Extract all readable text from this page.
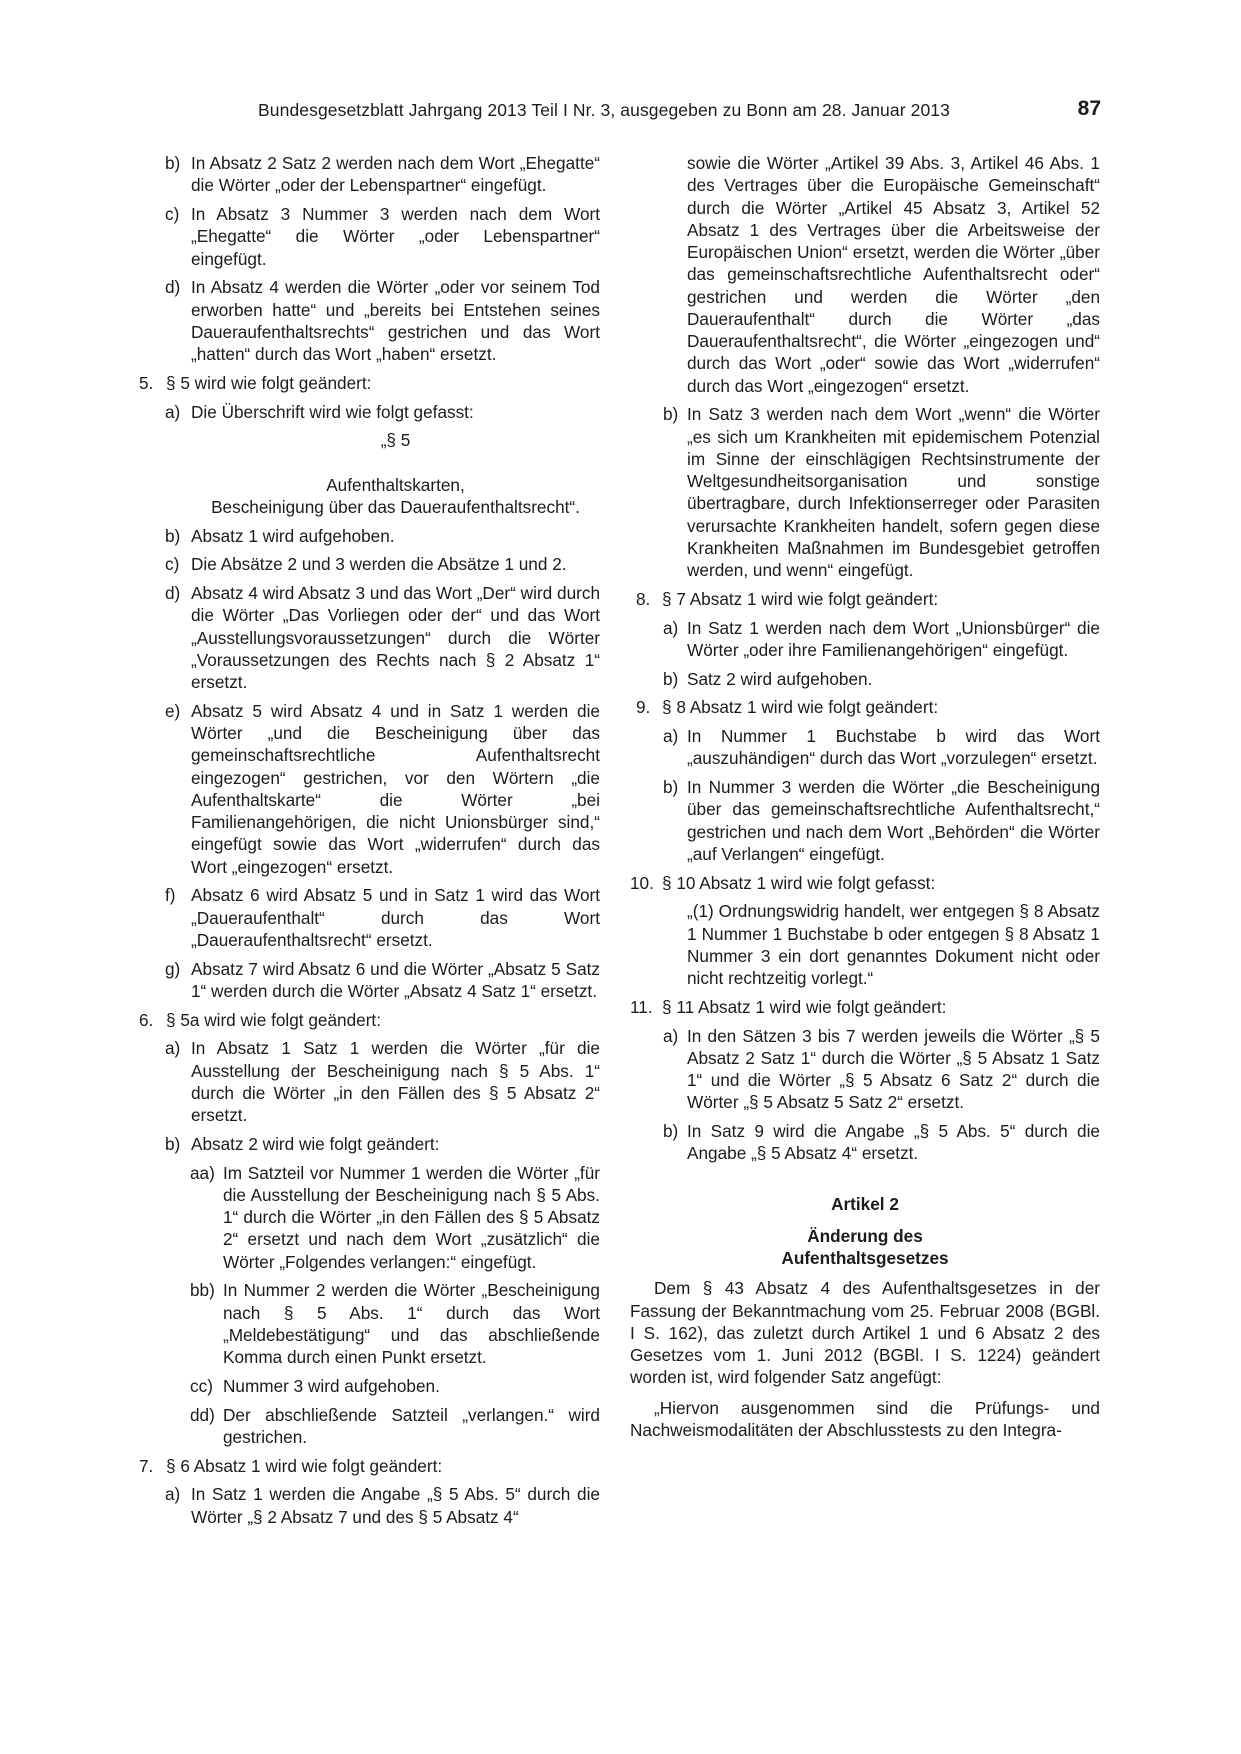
Bundesgesetzblatt Jahrgang 2013 Teil I Nr. 3, ausgegeben zu Bonn am 28. Januar 2013	87
b) In Absatz 2 Satz 2 werden nach dem Wort „Ehegatte“ die Wörter „oder der Lebenspartner“ eingefügt.
c) In Absatz 3 Nummer 3 werden nach dem Wort „Ehegatte“ die Wörter „oder Lebenspartner“ eingefügt.
d) In Absatz 4 werden die Wörter „oder vor seinem Tod erworben hatte“ und „bereits bei Entstehen seines Daueraufenthaltsrechts“ gestrichen und das Wort „hatten“ durch das Wort „haben“ ersetzt.
5. § 5 wird wie folgt geändert:
a) Die Überschrift wird wie folgt gefasst:
„§ 5
Aufenthaltskarten,
Bescheinigung über das Daueraufenthaltsrecht“.
b) Absatz 1 wird aufgehoben.
c) Die Absätze 2 und 3 werden die Absätze 1 und 2.
d) Absatz 4 wird Absatz 3 und das Wort „Der“ wird durch die Wörter „Das Vorliegen oder der“ und das Wort „Ausstellungsvoraussetzungen“ durch die Wörter „Voraussetzungen des Rechts nach § 2 Absatz 1“ ersetzt.
e) Absatz 5 wird Absatz 4 und in Satz 1 werden die Wörter „und die Bescheinigung über das gemeinschaftsrechtliche Aufenthaltsrecht eingezogen“ gestrichen, vor den Wörtern „die Aufenthaltskarte“ die Wörter „bei Familienangehörigen, die nicht Unionsbürger sind,“ eingefügt sowie das Wort „widerrufen“ durch das Wort „eingezogen“ ersetzt.
f) Absatz 6 wird Absatz 5 und in Satz 1 wird das Wort „Daueraufenthalt“ durch das Wort „Daueraufenthaltsrecht“ ersetzt.
g) Absatz 7 wird Absatz 6 und die Wörter „Absatz 5 Satz 1“ werden durch die Wörter „Absatz 4 Satz 1“ ersetzt.
6. § 5a wird wie folgt geändert:
a) In Absatz 1 Satz 1 werden die Wörter „für die Ausstellung der Bescheinigung nach § 5 Abs. 1“ durch die Wörter „in den Fällen des § 5 Absatz 2“ ersetzt.
b) Absatz 2 wird wie folgt geändert:
aa) Im Satzteil vor Nummer 1 werden die Wörter „für die Ausstellung der Bescheinigung nach § 5 Abs. 1“ durch die Wörter „in den Fällen des § 5 Absatz 2“ ersetzt und nach dem Wort „zusätzlich“ die Wörter „Folgendes verlangen:“ eingefügt.
bb) In Nummer 2 werden die Wörter „Bescheinigung nach § 5 Abs. 1“ durch das Wort „Meldebestätigung“ und das abschließende Komma durch einen Punkt ersetzt.
cc) Nummer 3 wird aufgehoben.
dd) Der abschließende Satzteil „verlangen.“ wird gestrichen.
7. § 6 Absatz 1 wird wie folgt geändert:
a) In Satz 1 werden die Angabe „§ 5 Abs. 5“ durch die Wörter „§ 2 Absatz 7 und des § 5 Absatz 4“
sowie die Wörter „Artikel 39 Abs. 3, Artikel 46 Abs. 1 des Vertrages über die Europäische Gemeinschaft“ durch die Wörter „Artikel 45 Absatz 3, Artikel 52 Absatz 1 des Vertrages über die Arbeitsweise der Europäischen Union“ ersetzt, werden die Wörter „über das gemeinschaftsrechtliche Aufenthaltsrecht oder“ gestrichen und werden die Wörter „den Daueraufenthalt“ durch die Wörter „das Daueraufenthaltsrecht“, die Wörter „eingezogen und“ durch das Wort „oder“ sowie das Wort „widerrufen“ durch das Wort „eingezogen“ ersetzt.
b) In Satz 3 werden nach dem Wort „wenn“ die Wörter „es sich um Krankheiten mit epidemischem Potenzial im Sinne der einschlägigen Rechtsinstrumente der Weltgesundheitsorganisation und sonstige übertragbare, durch Infektionserreger oder Parasiten verursachte Krankheiten handelt, sofern gegen diese Krankheiten Maßnahmen im Bundesgebiet getroffen werden, und wenn“ eingefügt.
8. § 7 Absatz 1 wird wie folgt geändert:
a) In Satz 1 werden nach dem Wort „Unionsbürger“ die Wörter „oder ihre Familienangehörigen“ eingefügt.
b) Satz 2 wird aufgehoben.
9. § 8 Absatz 1 wird wie folgt geändert:
a) In Nummer 1 Buchstabe b wird das Wort „auszuhändigen“ durch das Wort „vorzulegen“ ersetzt.
b) In Nummer 3 werden die Wörter „die Bescheinigung über das gemeinschaftsrechtliche Aufenthaltsrecht,“ gestrichen und nach dem Wort „Behörden“ die Wörter „auf Verlangen“ eingefügt.
10. § 10 Absatz 1 wird wie folgt gefasst:
„(1) Ordnungswidrig handelt, wer entgegen § 8 Absatz 1 Nummer 1 Buchstabe b oder entgegen § 8 Absatz 1 Nummer 3 ein dort genanntes Dokument nicht oder nicht rechtzeitig vorlegt.“
11. § 11 Absatz 1 wird wie folgt geändert:
a) In den Sätzen 3 bis 7 werden jeweils die Wörter „§ 5 Absatz 2 Satz 1“ durch die Wörter „§ 5 Absatz 1 Satz 1“ und die Wörter „§ 5 Absatz 6 Satz 2“ durch die Wörter „§ 5 Absatz 5 Satz 2“ ersetzt.
b) In Satz 9 wird die Angabe „§ 5 Abs. 5“ durch die Angabe „§ 5 Absatz 4“ ersetzt.
Artikel 2
Änderung des
Aufenthaltsgesetzes
Dem § 43 Absatz 4 des Aufenthaltsgesetzes in der Fassung der Bekanntmachung vom 25. Februar 2008 (BGBl. I S. 162), das zuletzt durch Artikel 1 und 6 Absatz 2 des Gesetzes vom 1. Juni 2012 (BGBl. I S. 1224) geändert worden ist, wird folgender Satz angefügt:
„Hiervon ausgenommen sind die Prüfungs- und Nachweismodalitäten der Abschlusstests zu den Integra-
